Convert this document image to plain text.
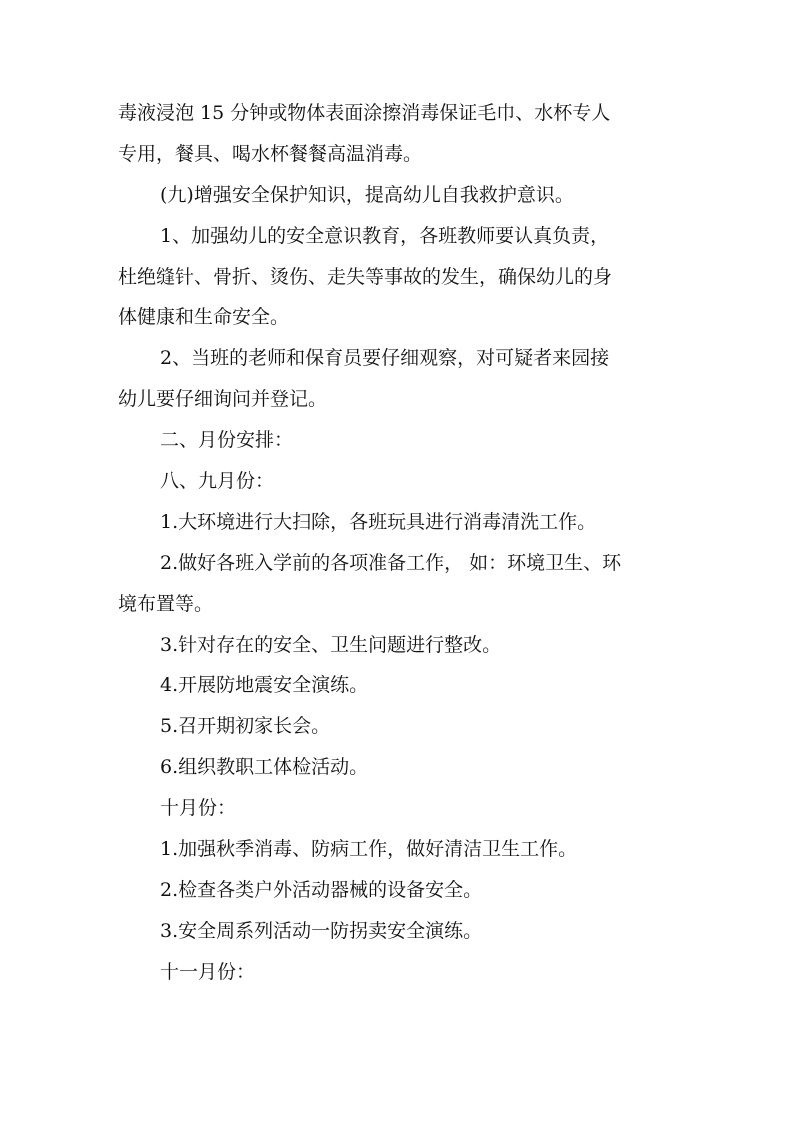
毒液浸泡 15 分钟或物体表面涂擦消毒保证毛巾、水杯专人
专用，餐具、喝水杯餐餐高温消毒。
(九)增强安全保护知识，提高幼儿自我救护意识。
1、加强幼儿的安全意识教育，各班教师要认真负责，
杜绝缝针、骨折、烫伤、走失等事故的发生，确保幼儿的身
体健康和生命安全。
2、当班的老师和保育员要仔细观察，对可疑者来园接
幼儿要仔细询问并登记。
二、月份安排：
八、九月份：
1.大环境进行大扫除，各班玩具进行消毒清洗工作。
2.做好各班入学前的各项准备工作， 如：环境卫生、环
境布置等。
3.针对存在的安全、卫生问题进行整改。
4.开展防地震安全演练。
5.召开期初家长会。
6.组织教职工体检活动。
十月份：
1.加强秋季消毒、防病工作，做好清洁卫生工作。
2.检查各类户外活动器械的设备安全。
3.安全周系列活动一防拐卖安全演练。
十一月份：
